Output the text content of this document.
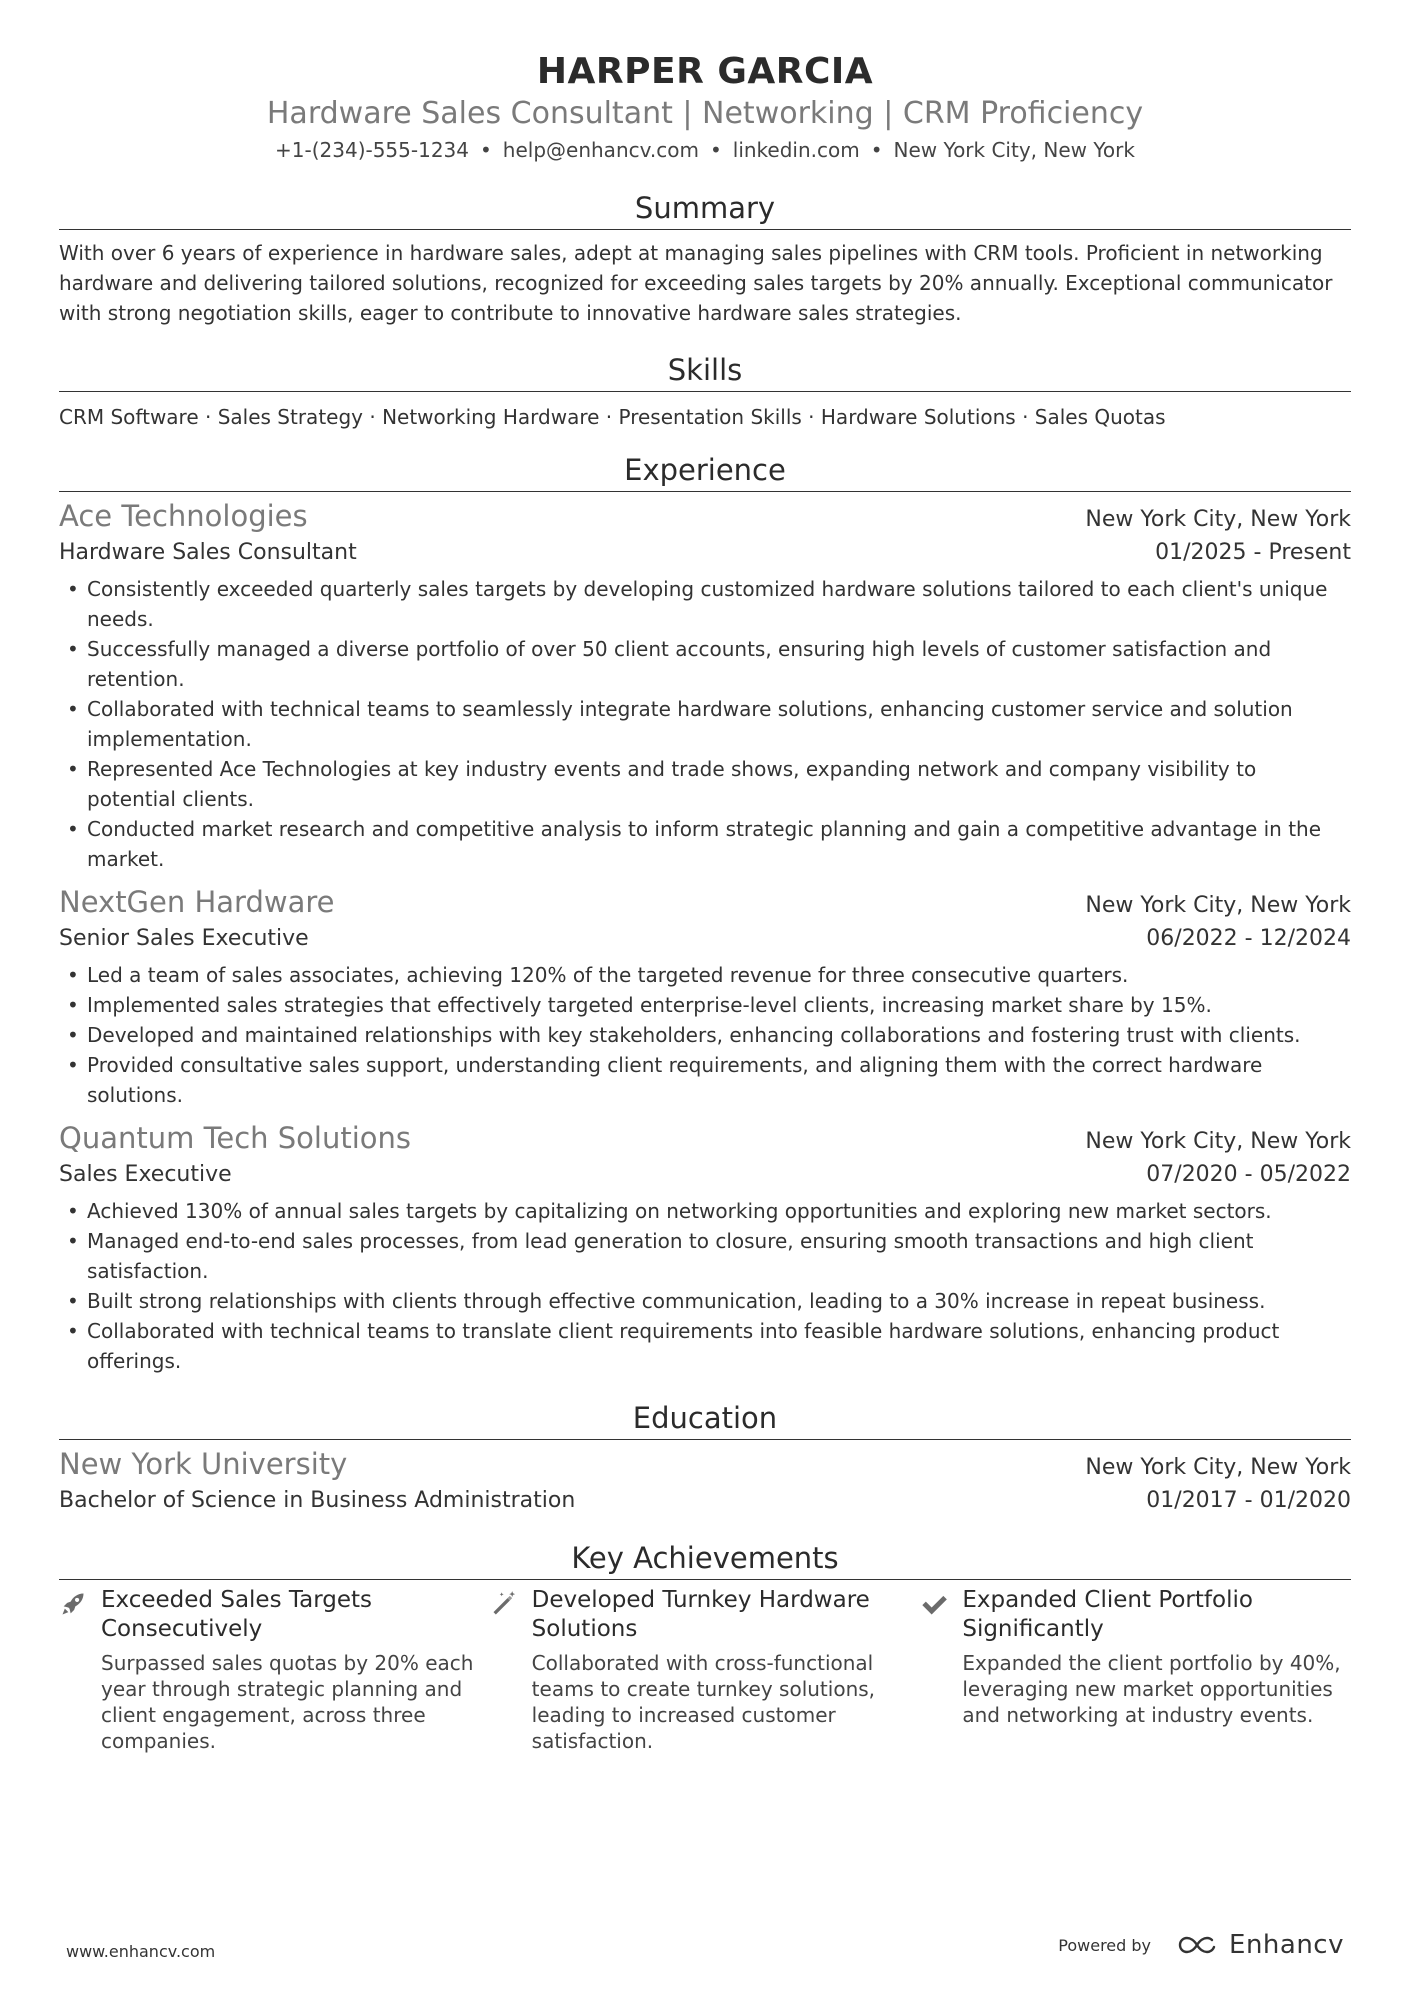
HARPER GARCIA
Hardware Sales Consultant | Networking | CRM Proficiency
+1-(234)-555-1234 • help@enhancv.com • linkedin.com • New York City, New York
Summary
With over 6 years of experience in hardware sales, adept at managing sales pipelines with CRM tools. Proficient in networking hardware and delivering tailored solutions, recognized for exceeding sales targets by 20% annually. Exceptional communicator with strong negotiation skills, eager to contribute to innovative hardware sales strategies.
Skills
CRM Software · Sales Strategy · Networking Hardware · Presentation Skills · Hardware Solutions · Sales Quotas
Experience
Ace Technologies	New York City, New York
Hardware Sales Consultant	01/2025 - Present
• Consistently exceeded quarterly sales targets by developing customized hardware solutions tailored to each client's unique needs.
• Successfully managed a diverse portfolio of over 50 client accounts, ensuring high levels of customer satisfaction and retention.
• Collaborated with technical teams to seamlessly integrate hardware solutions, enhancing customer service and solution implementation.
• Represented Ace Technologies at key industry events and trade shows, expanding network and company visibility to potential clients.
• Conducted market research and competitive analysis to inform strategic planning and gain a competitive advantage in the market.
NextGen Hardware	New York City, New York
Senior Sales Executive	06/2022 - 12/2024
• Led a team of sales associates, achieving 120% of the targeted revenue for three consecutive quarters.
• Implemented sales strategies that effectively targeted enterprise-level clients, increasing market share by 15%.
• Developed and maintained relationships with key stakeholders, enhancing collaborations and fostering trust with clients.
• Provided consultative sales support, understanding client requirements, and aligning them with the correct hardware solutions.
Quantum Tech Solutions	New York City, New York
Sales Executive	07/2020 - 05/2022
• Achieved 130% of annual sales targets by capitalizing on networking opportunities and exploring new market sectors.
• Managed end-to-end sales processes, from lead generation to closure, ensuring smooth transactions and high client satisfaction.
• Built strong relationships with clients through effective communication, leading to a 30% increase in repeat business.
• Collaborated with technical teams to translate client requirements into feasible hardware solutions, enhancing product offerings.
Education
New York University	New York City, New York
Bachelor of Science in Business Administration	01/2017 - 01/2020
Key Achievements
Exceeded Sales Targets Consecutively
Surpassed sales quotas by 20% each year through strategic planning and client engagement, across three companies.
Developed Turnkey Hardware Solutions
Collaborated with cross-functional teams to create turnkey solutions, leading to increased customer satisfaction.
Expanded Client Portfolio Significantly
Expanded the client portfolio by 40%, leveraging new market opportunities and networking at industry events.
www.enhancv.com	Powered by	Enhancv
